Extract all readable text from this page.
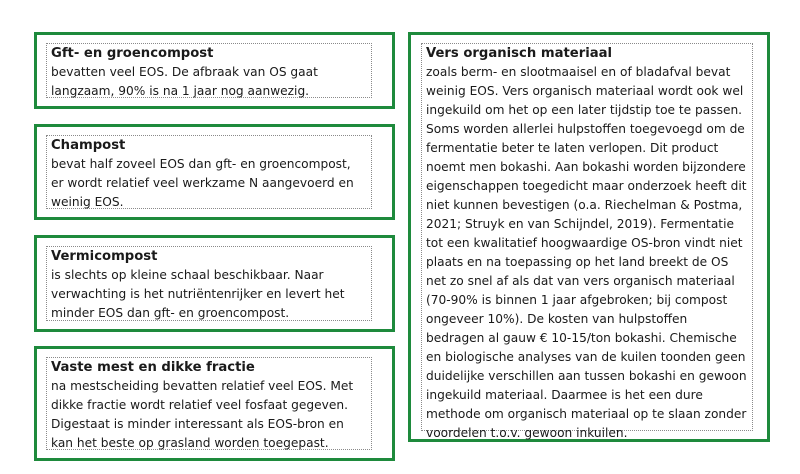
Gft- en groencompost
bevatten veel EOS. De afbraak van OS gaat langzaam, 90% is na 1 jaar nog aanwezig.
Champost
bevat half zoveel EOS dan gft- en groencompost, er wordt relatief veel werkzame N aangevoerd en weinig EOS.
Vermicompost
is slechts op kleine schaal beschikbaar. Naar verwachting is het nutriëntenrijker en levert het minder EOS dan gft- en groencompost.
Vaste mest en dikke fractie
na mestscheiding bevatten relatief veel EOS. Met dikke fractie wordt relatief veel fosfaat gegeven. Digestaat is minder interessant als EOS-bron en kan het beste op grasland worden toegepast.
Vers organisch materiaal
zoals berm- en slootmaaisel en of bladafval bevat weinig EOS. Vers organisch materiaal wordt ook wel ingekuild om het op een later tijdstip toe te passen. Soms worden allerlei hulpstoffen toegevoegd om de fermentatie beter te laten verlopen. Dit product noemt men bokashi. Aan bokashi worden bijzondere eigenschappen toegedicht maar onderzoek heeft dit niet kunnen bevestigen (o.a. Riechelman & Postma, 2021; Struyk en van Schijndel, 2019). Fermentatie tot een kwalitatief hoogwaardige OS-bron vindt niet plaats en na toepassing op het land breekt de OS net zo snel af als dat van vers organisch materiaal (70-90% is binnen 1 jaar afgebroken; bij compost ongeveer 10%). De kosten van hulpstoffen bedragen al gauw € 10-15/ton bokashi. Chemische en biologische analyses van de kuilen toonden geen duidelijke verschillen aan tussen bokashi en gewoon ingekuild materiaal. Daarmee is het een dure methode om organisch materiaal op te slaan zonder voordelen t.o.v. gewoon inkuilen.
